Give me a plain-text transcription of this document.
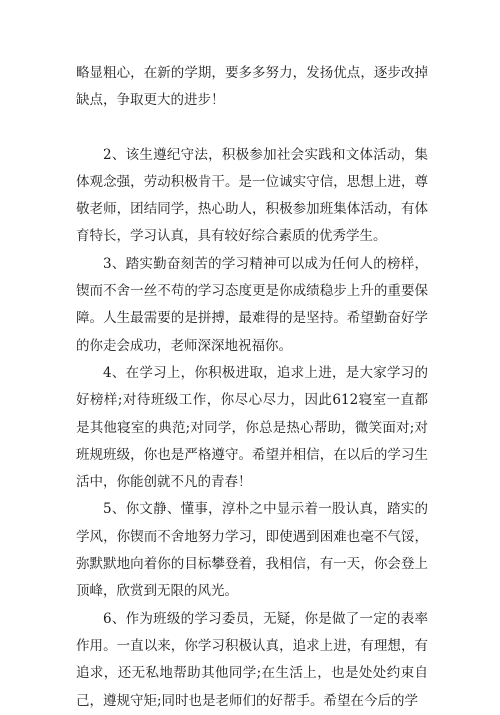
略显粗心，在新的学期，要多多努力，发扬优点，逐步改掉缺点，争取更大的进步！

2、该生遵纪守法，积极参加社会实践和文体活动，集体观念强，劳动积极肯干。是一位诚实守信，思想上进，尊敬老师，团结同学，热心助人，积极参加班集体活动，有体育特长，学习认真，具有较好综合素质的优秀学生。

3、踏实勤奋刻苦的学习精神可以成为任何人的榜样，锲而不舍一丝不苟的学习态度更是你成绩稳步上升的重要保障。人生最需要的是拼搏，最难得的是坚持。希望勤奋好学的你走会成功，老师深深地祝福你。

4、在学习上，你积极进取，追求上进，是大家学习的好榜样;对待班级工作，你尽心尽力，因此612寝室一直都是其他寝室的典范;对同学，你总是热心帮助，微笑面对;对班规班级，你也是严格遵守。希望并相信，在以后的学习生活中，你能创就不凡的青春！

5、你文静、懂事，淳朴之中显示着一股认真，踏实的学风，你锲而不舍地努力学习，即使遇到困难也毫不气馁，弥默默地向着你的目标攀登着，我相信，有一天，你会登上顶峰，欣赏到无限的风光。

6、作为班级的学习委员，无疑，你是做了一定的表率作用。一直以来，你学习积极认真，追求上进，有理想，有追求，还无私地帮助其他同学;在生活上，也是处处约束自己，遵规守矩;同时也是老师们的好帮手。希望在今后的学
